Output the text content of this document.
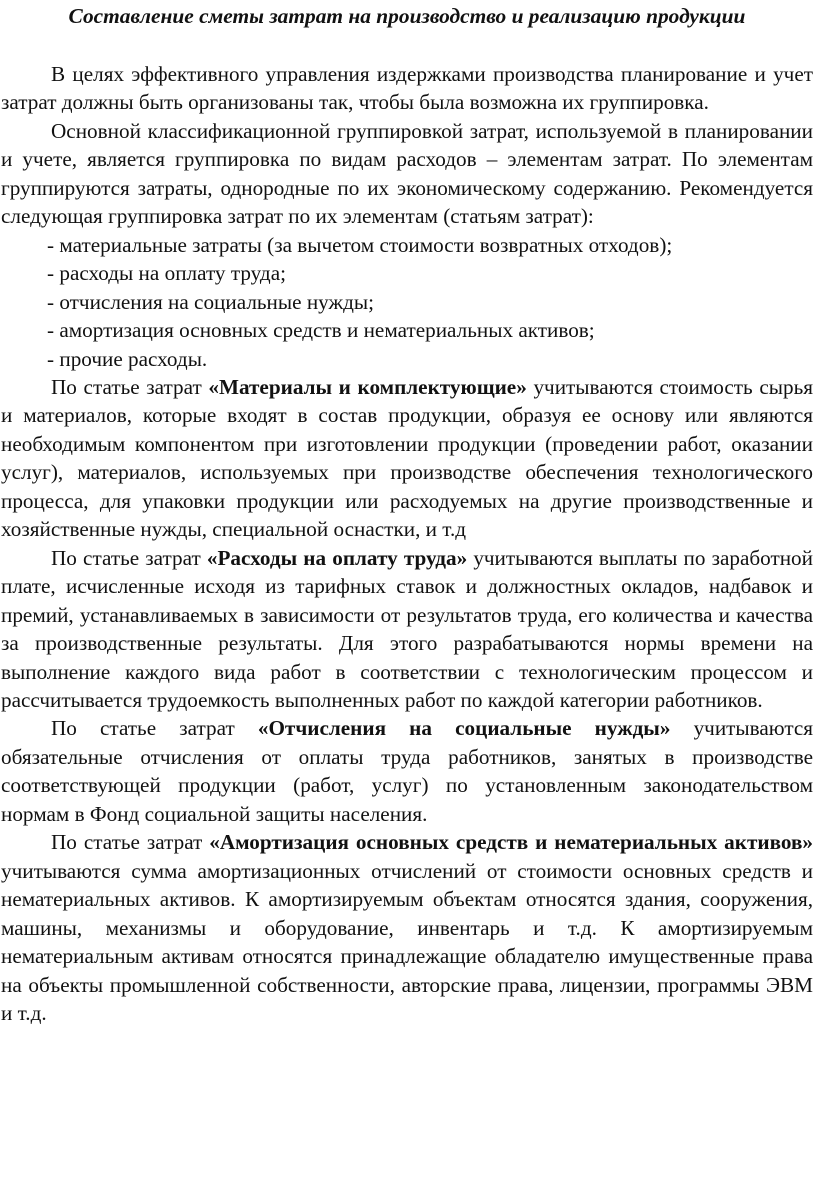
Составление сметы затрат на производство и реализацию продукции

В целях эффективного управления издержками производства планирование и учет затрат должны быть организованы так, чтобы была возможна их группировка.

Основной классификационной группировкой затрат, используемой в планировании и учете, является группировка по видам расходов – элементам затрат. По элементам группируются затраты, однородные по их экономическому содержанию. Рекомендуется следующая группировка затрат по их элементам (статьям затрат):

- материальные затраты (за вычетом стоимости возвратных отходов);

- расходы на оплату труда;

- отчисления на социальные нужды;

- амортизация основных средств и нематериальных активов;

- прочие расходы.

По статье затрат «Материалы и комплектующие» учитываются стоимость сырья и материалов, которые входят в состав продукции, образуя ее основу или являются необходимым компонентом при изготовлении продукции (проведении работ, оказании услуг), материалов, используемых при производстве обеспечения технологического процесса, для упаковки продукции или расходуемых на другие производственные и хозяйственные нужды, специальной оснастки, и т.д

По статье затрат «Расходы на оплату труда» учитываются выплаты по заработной плате, исчисленные исходя из тарифных ставок и должностных окладов, надбавок и премий, устанавливаемых в зависимости от результатов труда, его количества и качества за производственные результаты. Для этого разрабатываются нормы времени на выполнение каждого вида работ в соответствии с технологическим процессом и рассчитывается трудоемкость выполненных работ по каждой категории работников.

По статье затрат «Отчисления на социальные нужды» учитываются обязательные отчисления от оплаты труда работников, занятых в производстве соответствующей продукции (работ, услуг) по установленным законодательством нормам в Фонд социальной защиты населения.

По статье затрат «Амортизация основных средств и нематериальных активов» учитываются сумма амортизационных отчислений от стоимости основных средств и нематериальных активов. К амортизируемым объектам относятся здания, сооружения, машины, механизмы и оборудование, инвентарь и т.д. К амортизируемым нематериальным активам относятся принадлежащие обладателю имущественные права на объекты промышленной собственности, авторские права, лицензии, программы ЭВМ и т.д.
